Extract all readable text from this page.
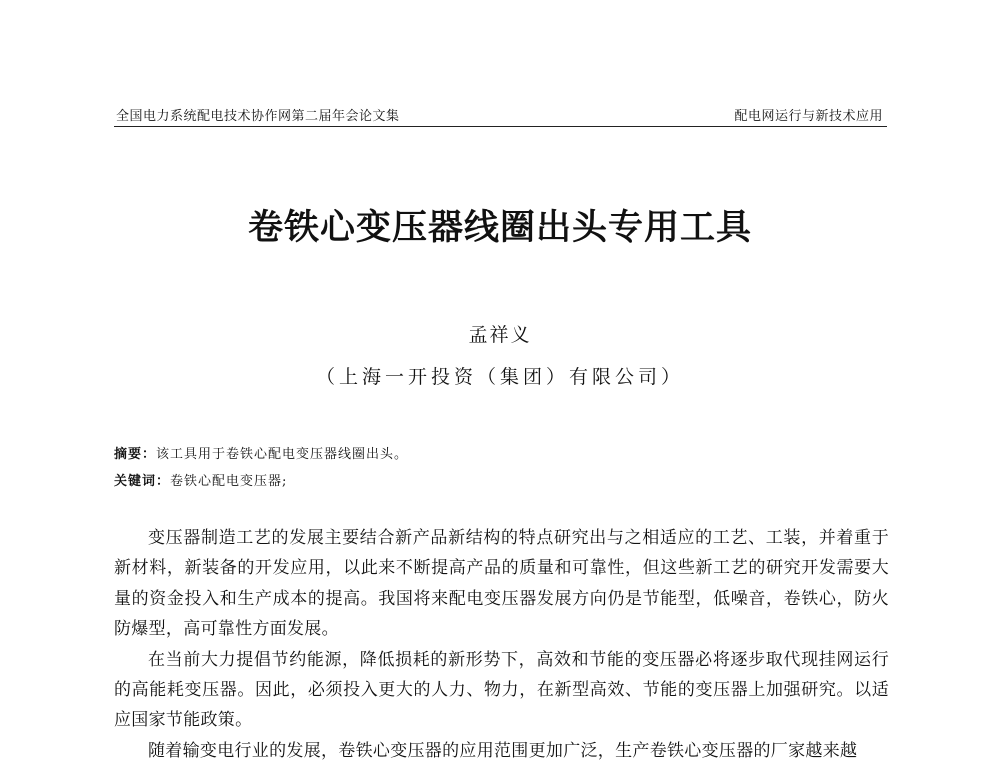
全国电力系统配电技术协作网第二届年会论文集	配电网运行与新技术应用
卷铁心变压器线圈出头专用工具
孟祥义
（上海一开投资（集团）有限公司）
摘要：该工具用于卷铁心配电变压器线圈出头。
关键词：卷铁心配电变压器;

变压器制造工艺的发展主要结合新产品新结构的特点研究出与之相适应的工艺、工装，并着重于新材料，新装备的开发应用，以此来不断提高产品的质量和可靠性，但这些新工艺的研究开发需要大量的资金投入和生产成本的提高。我国将来配电变压器发展方向仍是节能型，低噪音，卷铁心，防火防爆型，高可靠性方面发展。

在当前大力提倡节约能源，降低损耗的新形势下，高效和节能的变压器必将逐步取代现挂网运行的高能耗变压器。因此，必须投入更大的人力、物力，在新型高效、节能的变压器上加强研究。以适应国家节能政策。

随着输变电行业的发展，卷铁心变压器的应用范围更加广泛，生产卷铁心变压器的厂家越来越
